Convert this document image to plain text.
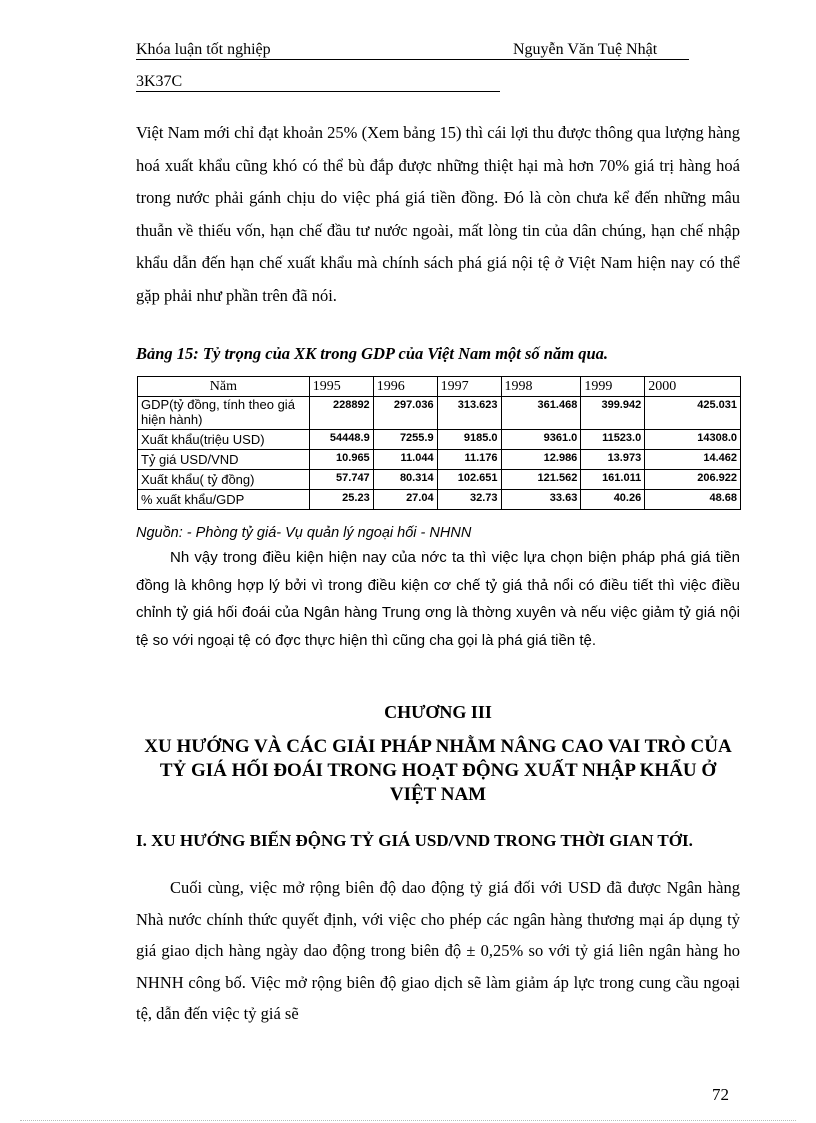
Khóa luận tốt nghiệp	Nguyễn Văn Tuệ Nhật
3K37C

Việt Nam mới chỉ đạt khoản 25% (Xem bảng 15) thì cái lợi thu được thông qua lượng hàng hoá xuất khẩu cũng khó có thể bù đắp được những thiệt hại mà hơn 70% giá trị hàng hoá trong nước phải gánh chịu do việc phá giá tiền đồng. Đó là còn chưa kể đến những mâu thuẫn về thiếu vốn, hạn chế đầu tư nước ngoài, mất lòng tin của dân chúng, hạn chế nhập khẩu dẫn đến hạn chế xuất khẩu mà chính sách phá giá nội tệ ở Việt Nam hiện nay có thể gặp phải như phần trên đã nói.

Bảng 15: Tỷ trọng của XK trong GDP của Việt Nam một số năm qua.

Năm	1995	1996	1997	1998	1999	2000
GDP(tỷ đồng, tính theo giá hiện hành)	228892	297.036	313.623	361.468	399.942	425.031
Xuất khẩu(triệu USD)	54448.9	7255.9	9185.0	9361.0	11523.0	14308.0
Tỷ giá USD/VND	10.965	11.044	11.176	12.986	13.973	14.462
Xuất khẩu( tỷ đồng)	57.747	80.314	102.651	121.562	161.011	206.922
% xuất khẩu/GDP	25.23	27.04	32.73	33.63	40.26	48.68

Nguồn: - Phòng tỷ giá- Vụ quản lý ngoại hối - NHNN

Nh vậy trong điều kiện hiện nay của nớc ta thì việc lựa chọn biện pháp phá giá tiền đồng là không hợp lý bởi vì trong điều kiện cơ chế tỷ giá thả nổi có điều tiết thì việc điều chỉnh tỷ giá hối đoái của Ngân hàng Trung ơng là thờng xuyên và nếu việc giảm tỷ giá nội tệ so với ngoại tệ có đợc thực hiện thì cũng cha gọi là phá giá tiền tệ.

CHƯƠNG III
XU HƯỚNG VÀ CÁC GIẢI PHÁP NHẰM NÂNG CAO VAI TRÒ CỦA TỶ GIÁ HỐI ĐOÁI TRONG HOẠT ĐỘNG XUẤT NHẬP KHẨU Ở VIỆT NAM
I. XU HƯỚNG BIẾN ĐỘNG TỶ GIÁ USD/VND TRONG THỜI GIAN TỚI.

Cuối cùng, việc mở rộng biên độ dao động tỷ giá đối với USD đã được Ngân hàng Nhà nước chính thức quyết định, với việc cho phép các ngân hàng thương mại áp dụng tỷ giá giao dịch hàng ngày dao động trong biên độ ± 0,25% so với tỷ giá liên ngân hàng ho NHNH công bố. Việc mở rộng biên độ giao dịch sẽ làm giảm áp lực trong cung cầu ngoại tệ, dẫn đến việc tỷ giá sẽ

72
